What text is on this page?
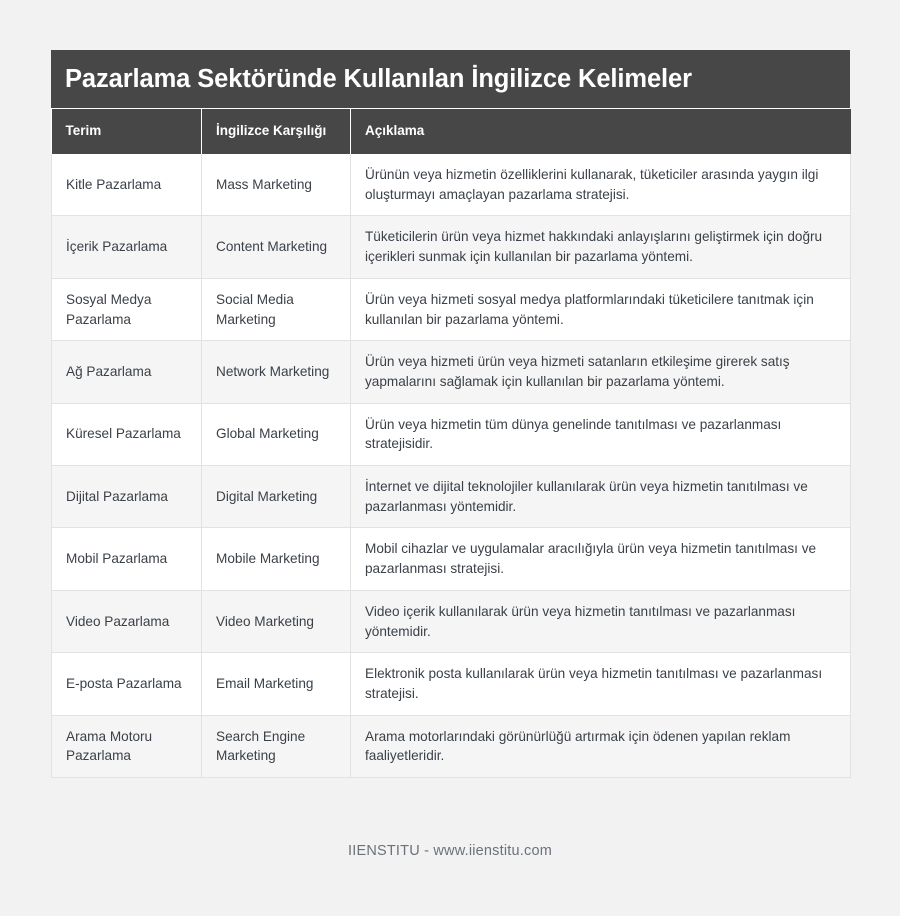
Pazarlama Sektöründe Kullanılan İngilizce Kelimeler
Terim	İngilizce Karşılığı	Açıklama
Kitle Pazarlama	Mass Marketing	Ürünün veya hizmetin özelliklerini kullanarak, tüketiciler arasında yaygın ilgi oluşturmayı amaçlayan pazarlama stratejisi.
İçerik Pazarlama	Content Marketing	Tüketicilerin ürün veya hizmet hakkındaki anlayışlarını geliştirmek için doğru içerikleri sunmak için kullanılan bir pazarlama yöntemi.
Sosyal Medya Pazarlama	Social Media Marketing	Ürün veya hizmeti sosyal medya platformlarındaki tüketicilere tanıtmak için kullanılan bir pazarlama yöntemi.
Ağ Pazarlama	Network Marketing	Ürün veya hizmeti ürün veya hizmeti satanların etkileşime girerek satış yapmalarını sağlamak için kullanılan bir pazarlama yöntemi.
Küresel Pazarlama	Global Marketing	Ürün veya hizmetin tüm dünya genelinde tanıtılması ve pazarlanması stratejisidir.
Dijital Pazarlama	Digital Marketing	İnternet ve dijital teknolojiler kullanılarak ürün veya hizmetin tanıtılması ve pazarlanması yöntemidir.
Mobil Pazarlama	Mobile Marketing	Mobil cihazlar ve uygulamalar aracılığıyla ürün veya hizmetin tanıtılması ve pazarlanması stratejisi.
Video Pazarlama	Video Marketing	Video içerik kullanılarak ürün veya hizmetin tanıtılması ve pazarlanması yöntemidir.
E-posta Pazarlama	Email Marketing	Elektronik posta kullanılarak ürün veya hizmetin tanıtılması ve pazarlanması stratejisi.
Arama Motoru Pazarlama	Search Engine Marketing	Arama motorlarındaki görünürlüğü artırmak için ödenen yapılan reklam faaliyetleridir.
IIENSTITU - www.iienstitu.com
